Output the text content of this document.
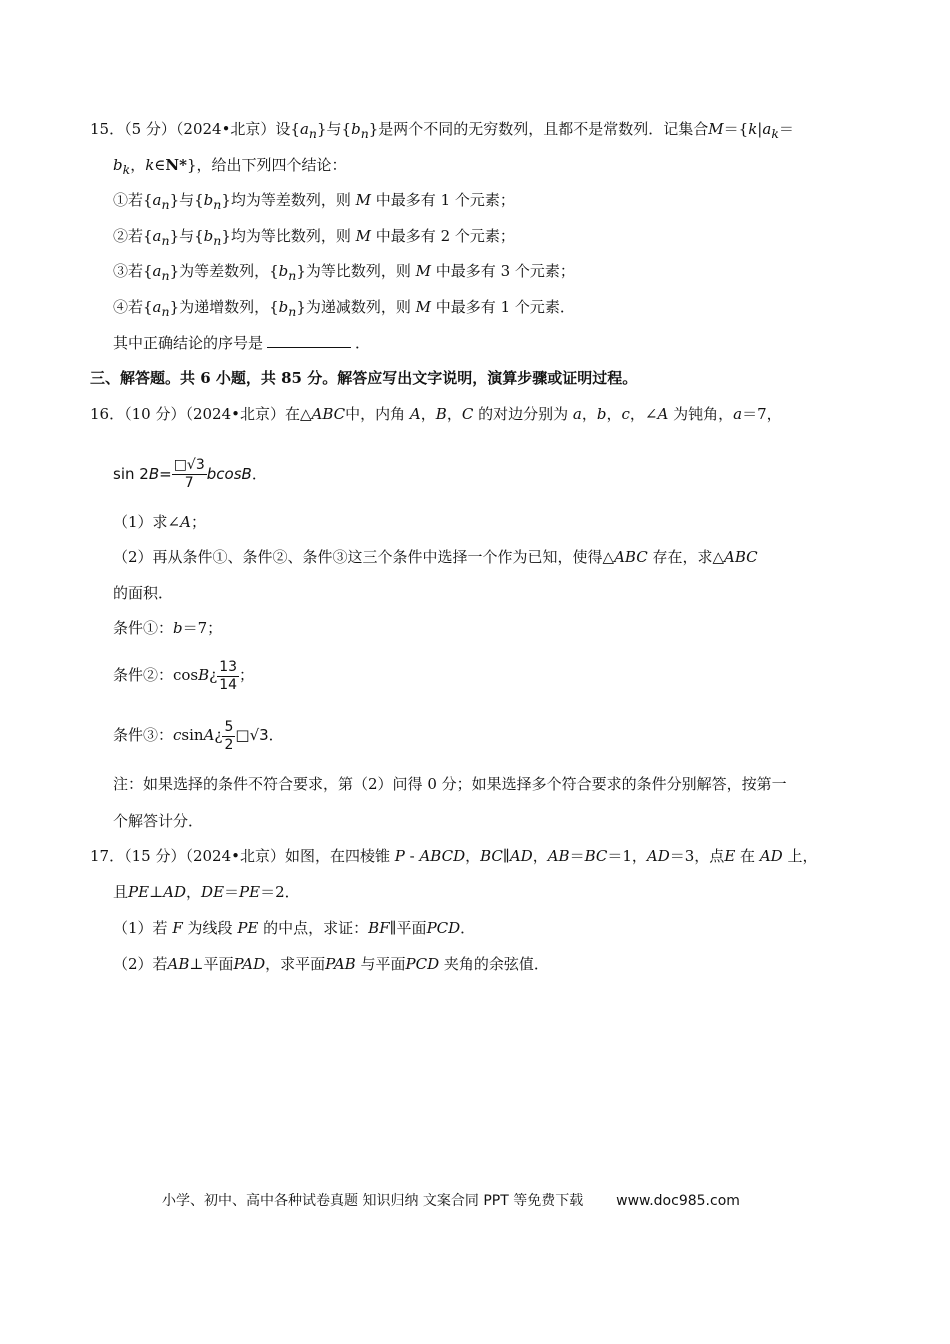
15．（5 分）（2024•北京）设$\{a_n\}$与$\{b_n\}$是两个不同的无穷数列，且都不是常数列．记集合$M=\{k|a_k=$
$b_k$，k∈N*}，给出下列四个结论：
①若$\{a_n\}$与$\{b_n\}$均为等差数列，则 M 中最多有 1 个元素；
②若$\{a_n\}$与$\{b_n\}$均为等比数列，则 M 中最多有 2 个元素；
③若$\{a_n\}$为等差数列，$\{b_n\}$为等比数列，则 M 中最多有 3 个元素；
④若$\{a_n\}$为递增数列，$\{b_n\}$为递减数列，则 M 中最多有 1 个元素．
其中正确结论的序号是	．
三、解答题。共 6 小题，共 85 分。解答应写出文字说明，演算步骤或证明过程。
16．（10 分）（2024•北京）在△ABC中，内角 A，B，C 的对边分别为 a，b，c，∠A 为钝角，a＝7，
$\sin 2B= \frac{□√3}{7}$ bcosB．
（1）求∠A；
（2）再从条件①、条件②、条件③这三个条件中选择一个作为已知，使得△ABC 存在，求△ABC
的面积．
条件①：b＝7；
条件②：cosB¿ $\frac{13}{14}$ ；
条件③：csinA¿ $\frac{5}{2}$ □√3．
注：如果选择的条件不符合要求，第（2）问得 0 分；如果选择多个符合要求的条件分别解答，按第一
个解答计分．
17．（15 分）（2024•北京）如图，在四棱锥 P - ABCD，BC∥AD，AB＝BC＝1，AD＝3，点E 在 AD 上，
且PE⊥AD，DE＝PE＝2．
（1）若 F 为线段 PE 的中点，求证：BF∥平面PCD．
（2）若AB⊥平面PAD，求平面PAB 与平面PCD 夹角的余弦值．
小学、初中、高中各种试卷真题 知识归纳 文案合同 PPT 等免费下载 www.doc985.com
